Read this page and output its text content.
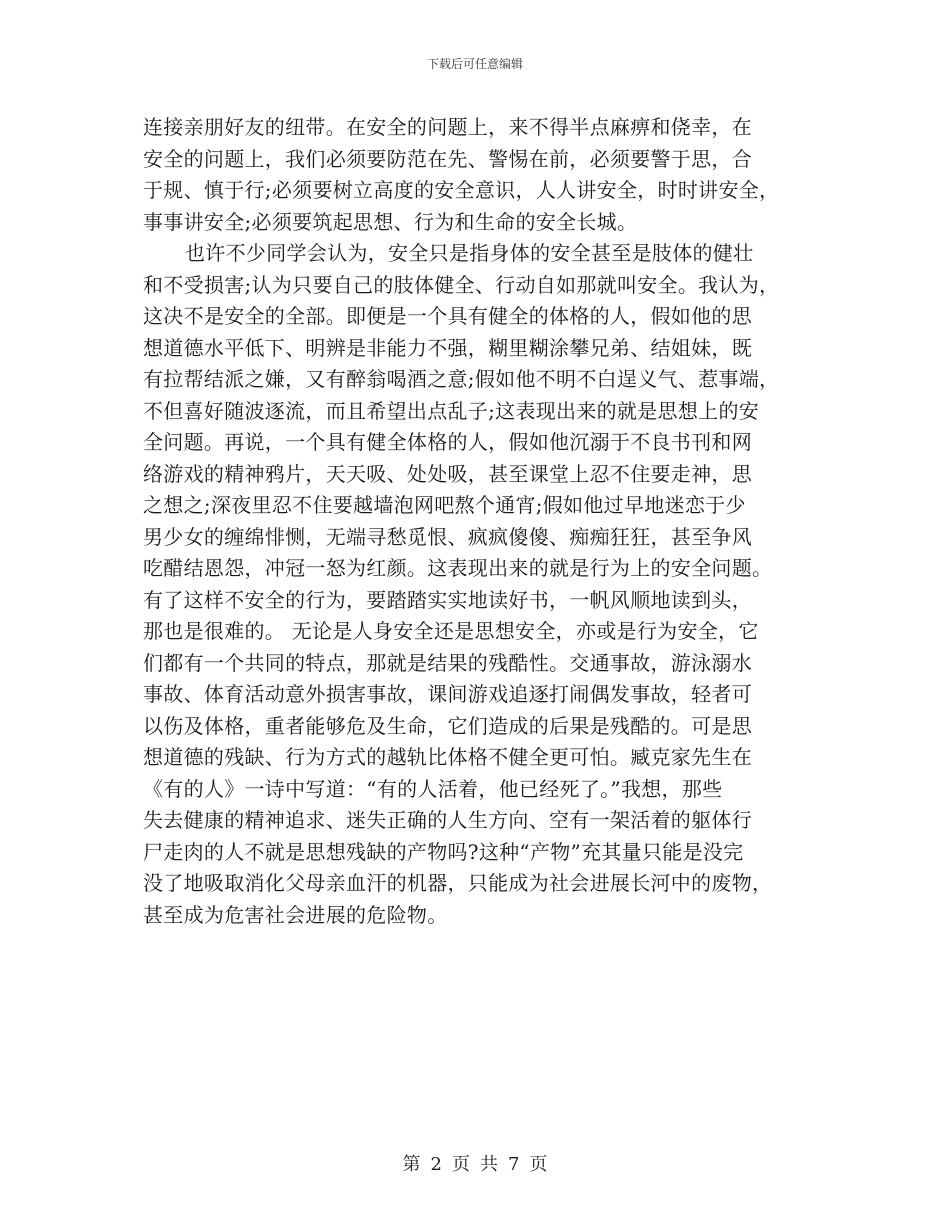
下载后可任意编辑
连接亲朋好友的纽带。在安全的问题上，来不得半点麻痹和侥幸，在
安全的问题上，我们必须要防范在先、警惕在前，必须要警于思，合
于规、慎于行;必须要树立高度的安全意识，人人讲安全，时时讲安全，
事事讲安全;必须要筑起思想、行为和生命的安全长城。
也许不少同学会认为，安全只是指身体的安全甚至是肢体的健壮
和不受损害;认为只要自己的肢体健全、行动自如那就叫安全。我认为，
这决不是安全的全部。即便是一个具有健全的体格的人，假如他的思
想道德水平低下、明辨是非能力不强，糊里糊涂攀兄弟、结姐妹，既
有拉帮结派之嫌，又有醉翁喝酒之意;假如他不明不白逞义气、惹事端，
不但喜好随波逐流，而且希望出点乱子;这表现出来的就是思想上的安
全问题。再说，一个具有健全体格的人，假如他沉溺于不良书刊和网
络游戏的精神鸦片，天天吸、处处吸，甚至课堂上忍不住要走神，思
之想之;深夜里忍不住要越墙泡网吧熬个通宵;假如他过早地迷恋于少
男少女的缠绵悱恻，无端寻愁觅恨、疯疯傻傻、痴痴狂狂，甚至争风
吃醋结恩怨，冲冠一怒为红颜。这表现出来的就是行为上的安全问题。
有了这样不安全的行为，要踏踏实实地读好书，一帆风顺地读到头，
那也是很难的。 无论是人身安全还是思想安全，亦或是行为安全，它
们都有一个共同的特点，那就是结果的残酷性。交通事故，游泳溺水
事故、体育活动意外损害事故，课间游戏追逐打闹偶发事故，轻者可
以伤及体格，重者能够危及生命，它们造成的后果是残酷的。可是思
想道德的残缺、行为方式的越轨比体格不健全更可怕。臧克家先生在
《有的人》一诗中写道：“有的人活着，他已经死了。”我想，那些
失去健康的精神追求、迷失正确的人生方向、空有一架活着的躯体行
尸走肉的人不就是思想残缺的产物吗?这种“产物”充其量只能是没完
没了地吸取消化父母亲血汗的机器，只能成为社会进展长河中的废物，
甚至成为危害社会进展的危险物。
第 2 页 共 7 页
